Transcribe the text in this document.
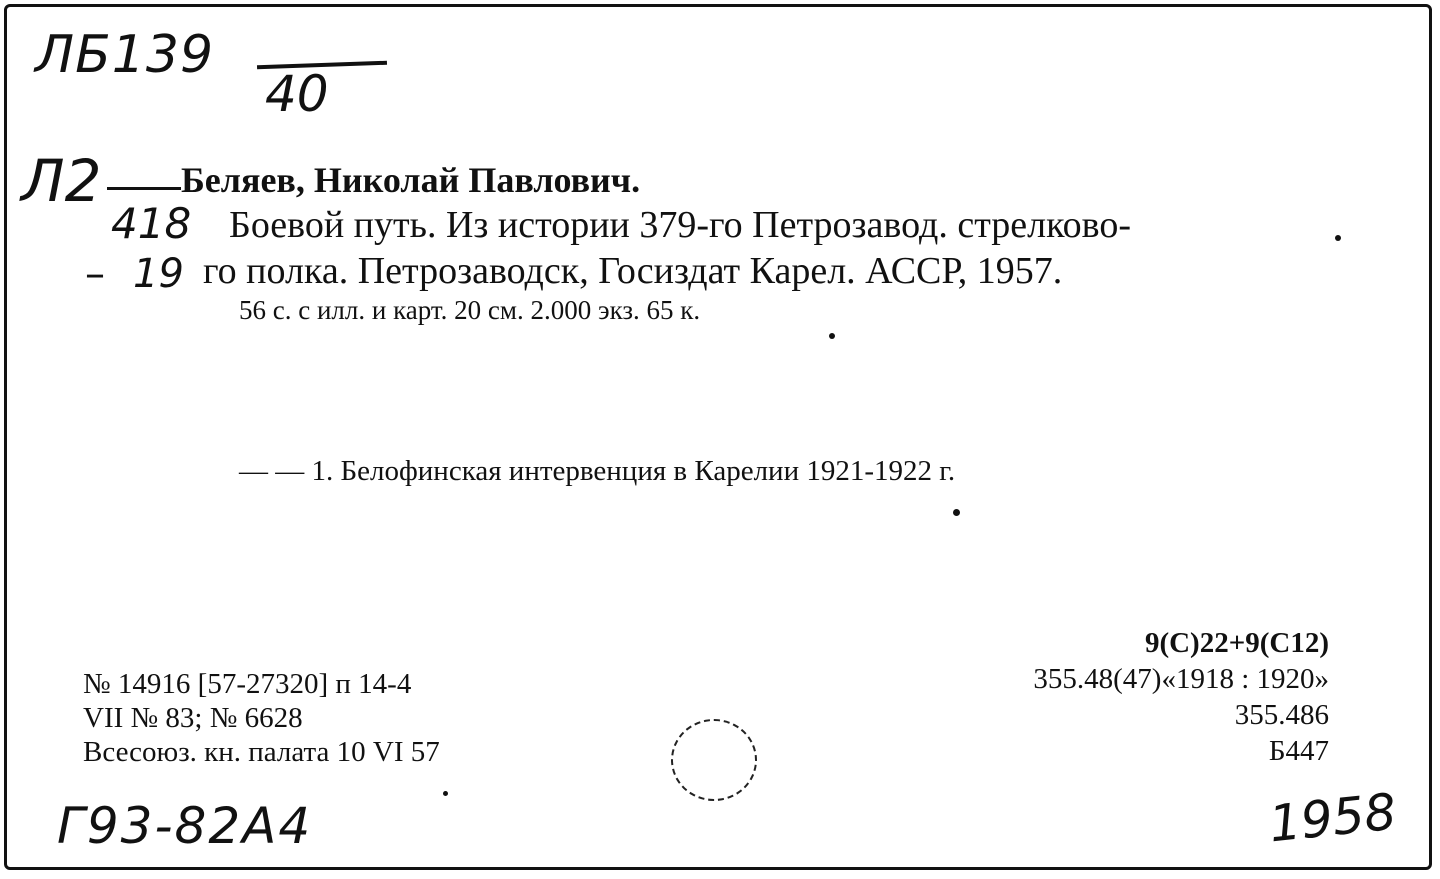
ЛБ139
40
Л2
418
– 19
Беляев, Николай Павлович.
Боевой путь. Из истории 379-го Петрозавод. стрелково-
го полка. Петрозаводск, Госиздат Карел. АССР, 1957.
56 с. с илл. и карт. 20 см. 2.000 экз. 65 к.
— — 1. Белофинская интервенция в Карелии 1921-1922 г.
№ 14916 [57-27320] п 14-4
VII № 83; № 6628
Всесоюз. кн. палата 10 VI 57
9(С)22+9(С12)
355.48(47)«1918 : 1920»
355.486
Б447
Г93-82А4	1958
